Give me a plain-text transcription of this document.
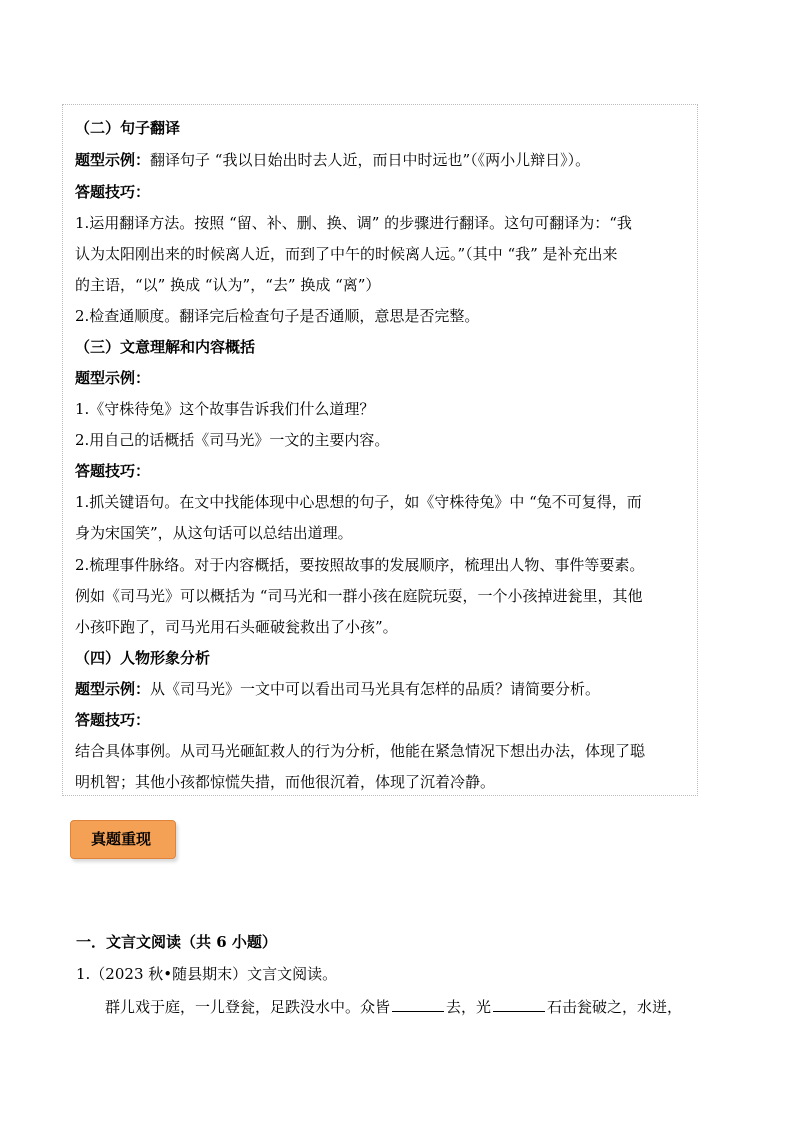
（二）句子翻译
题型示例：翻译句子 “我以日始出时去人近，而日中时远也”（《两小儿辩日》）。
答题技巧：
1.运用翻译方法。按照 “留、补、删、换、调” 的步骤进行翻译。这句可翻译为：“我
认为太阳刚出来的时候离人近，而到了中午的时候离人远。”（其中 “我” 是补充出来
的主语，“以” 换成 “认为”，“去” 换成 “离”）
2.检查通顺度。翻译完后检查句子是否通顺，意思是否完整。
（三）文意理解和内容概括
题型示例：
1.《守株待兔》这个故事告诉我们什么道理？
2.用自己的话概括《司马光》一文的主要内容。
答题技巧：
1.抓关键语句。在文中找能体现中心思想的句子，如《守株待兔》中 “兔不可复得，而
身为宋国笑”，从这句话可以总结出道理。
2.梳理事件脉络。对于内容概括，要按照故事的发展顺序，梳理出人物、事件等要素。
例如《司马光》可以概括为 “司马光和一群小孩在庭院玩耍，一个小孩掉进瓮里，其他
小孩吓跑了，司马光用石头砸破瓮救出了小孩”。
（四）人物形象分析
题型示例：从《司马光》一文中可以看出司马光具有怎样的品质？请简要分析。
答题技巧：
结合具体事例。从司马光砸缸救人的行为分析，他能在紧急情况下想出办法，体现了聪
明机智；其他小孩都惊慌失措，而他很沉着，体现了沉着冷静。
真题重现
一．文言文阅读（共 6 小题）
1.（2023 秋•随县期末）文言文阅读。
群儿戏于庭，一儿登瓮，足跌没水中。众皆	去，光	石击瓮破之，水迸，
